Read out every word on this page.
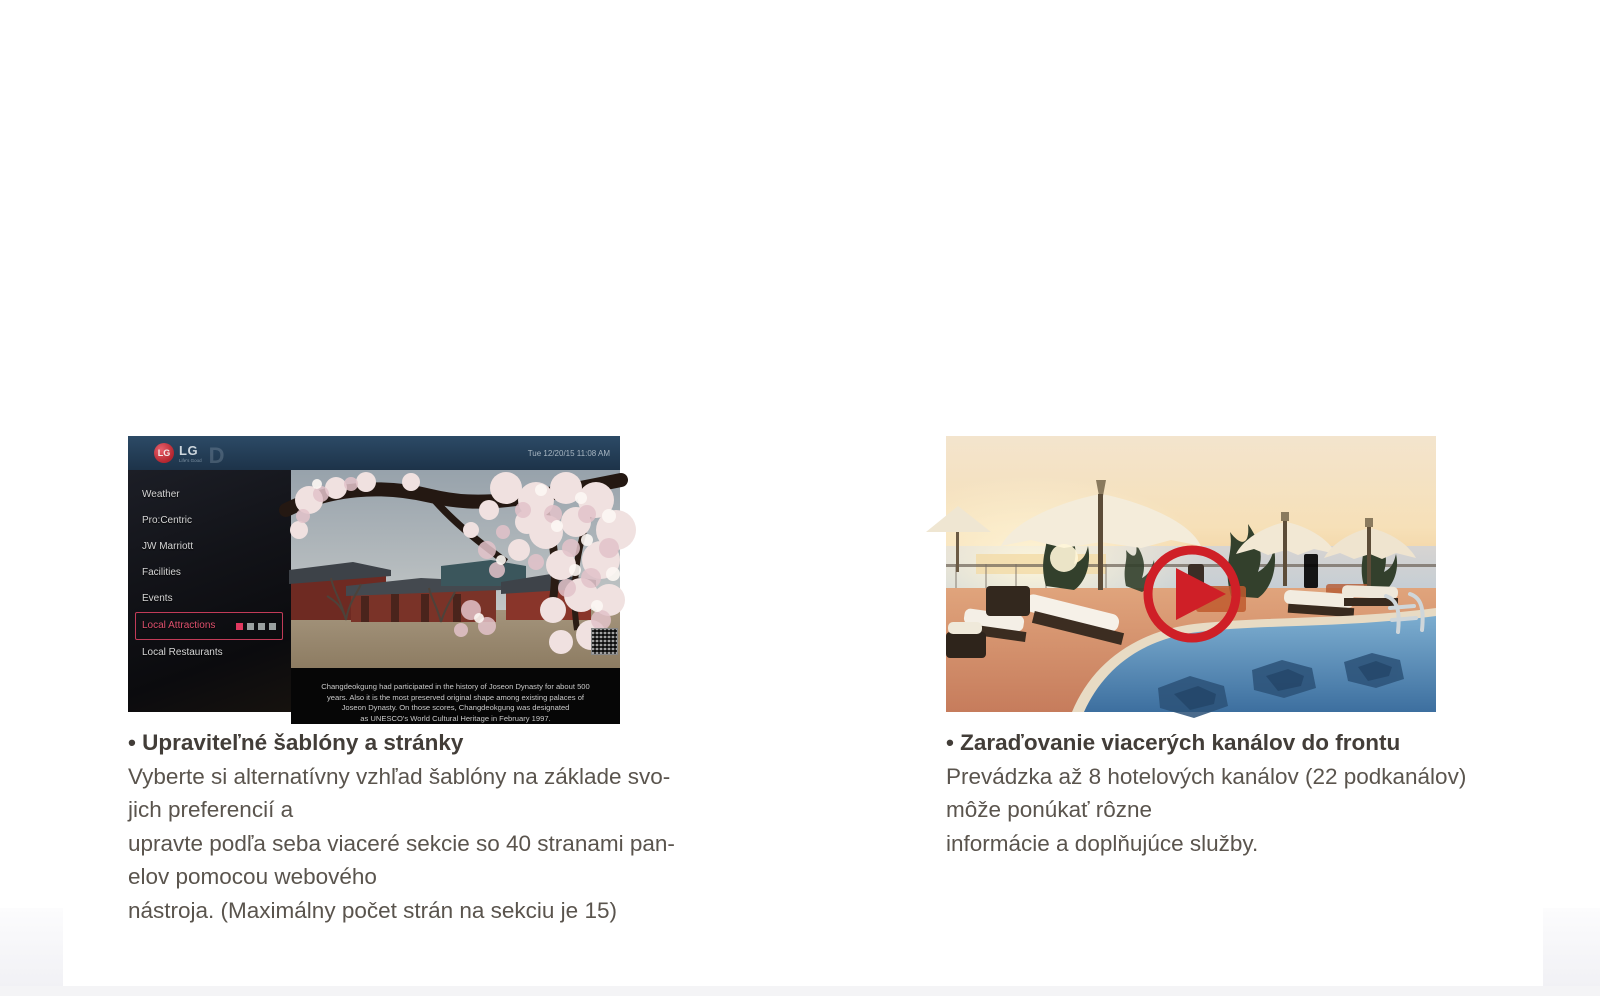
LG LG
Life's Good D	Tue 12/20/15 11:08 AM
Weather
Pro:Centric
JW Marriott
Facilities
Events
Local Attractions
Local Restaurants
Changdeokgung had participated in the history of Joseon Dynasty for about 500
years. Also it is the most preserved original shape among existing palaces of
Joseon Dynasty. On those scores, Changdeokgung was designated
as UNESCO's World Cultural Heritage in February 1997.
• Upraviteľné šablóny a stránky
Vyberte si alternatívny vzhľad šablóny na základe svo-
jich preferencií a
upravte podľa seba viaceré sekcie so 40 stranami pan-
elov pomocou webového
nástroja. (Maximálny počet strán na sekciu je 15)
• Zaraďovanie viacerých kanálov do frontu
Prevádzka až 8 hotelových kanálov (22 podkanálov)
môže ponúkať rôzne
informácie a doplňujúce služby.
